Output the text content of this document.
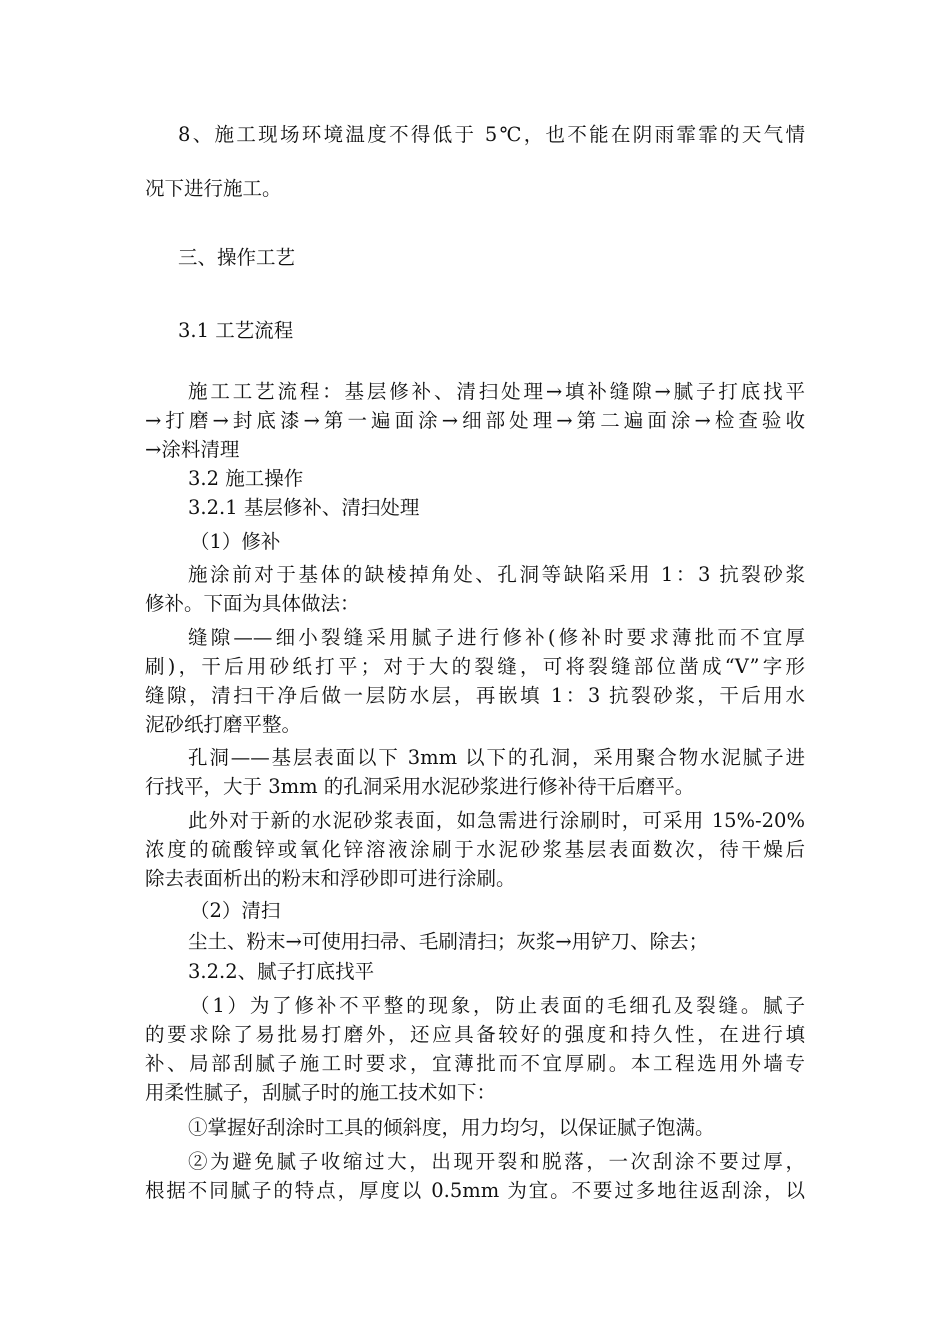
8、施工现场环境温度不得低于 5℃，也不能在阴雨霏霏的天气情
况下进行施工。
三、操作工艺
3.1 工艺流程
施工工艺流程：基层修补、清扫处理→填补缝隙→腻子打底找平
→打磨→封底漆→第一遍面涂→细部处理→第二遍面涂→检查验收
→涂料清理
3.2 施工操作
3.2.1 基层修补、清扫处理
（1）修补
施涂前对于基体的缺棱掉角处、孔洞等缺陷采用 1：3 抗裂砂浆
修补。下面为具体做法：
缝隙——细小裂缝采用腻子进行修补(修补时要求薄批而不宜厚
刷)，干后用砂纸打平；对于大的裂缝，可将裂缝部位凿成“V”字形
缝隙，清扫干净后做一层防水层，再嵌填 1：3 抗裂砂浆，干后用水
泥砂纸打磨平整。
孔洞——基层表面以下 3mm 以下的孔洞，采用聚合物水泥腻子进
行找平，大于 3mm 的孔洞采用水泥砂浆进行修补待干后磨平。
此外对于新的水泥砂浆表面，如急需进行涂刷时，可采用 15%-20%
浓度的硫酸锌或氧化锌溶液涂刷于水泥砂浆基层表面数次，待干燥后
除去表面析出的粉末和浮砂即可进行涂刷。
（2）清扫
尘土、粉末→可使用扫帚、毛刷清扫；灰浆→用铲刀、除去；
3.2.2、腻子打底找平
（1）为了修补不平整的现象，防止表面的毛细孔及裂缝。腻子
的要求除了易批易打磨外，还应具备较好的强度和持久性，在进行填
补、局部刮腻子施工时要求，宜薄批而不宜厚刷。本工程选用外墙专
用柔性腻子，刮腻子时的施工技术如下：
①掌握好刮涂时工具的倾斜度，用力均匀，以保证腻子饱满。
②为避免腻子收缩过大，出现开裂和脱落，一次刮涂不要过厚，
根据不同腻子的特点，厚度以 0.5mm 为宜。不要过多地往返刮涂，以
